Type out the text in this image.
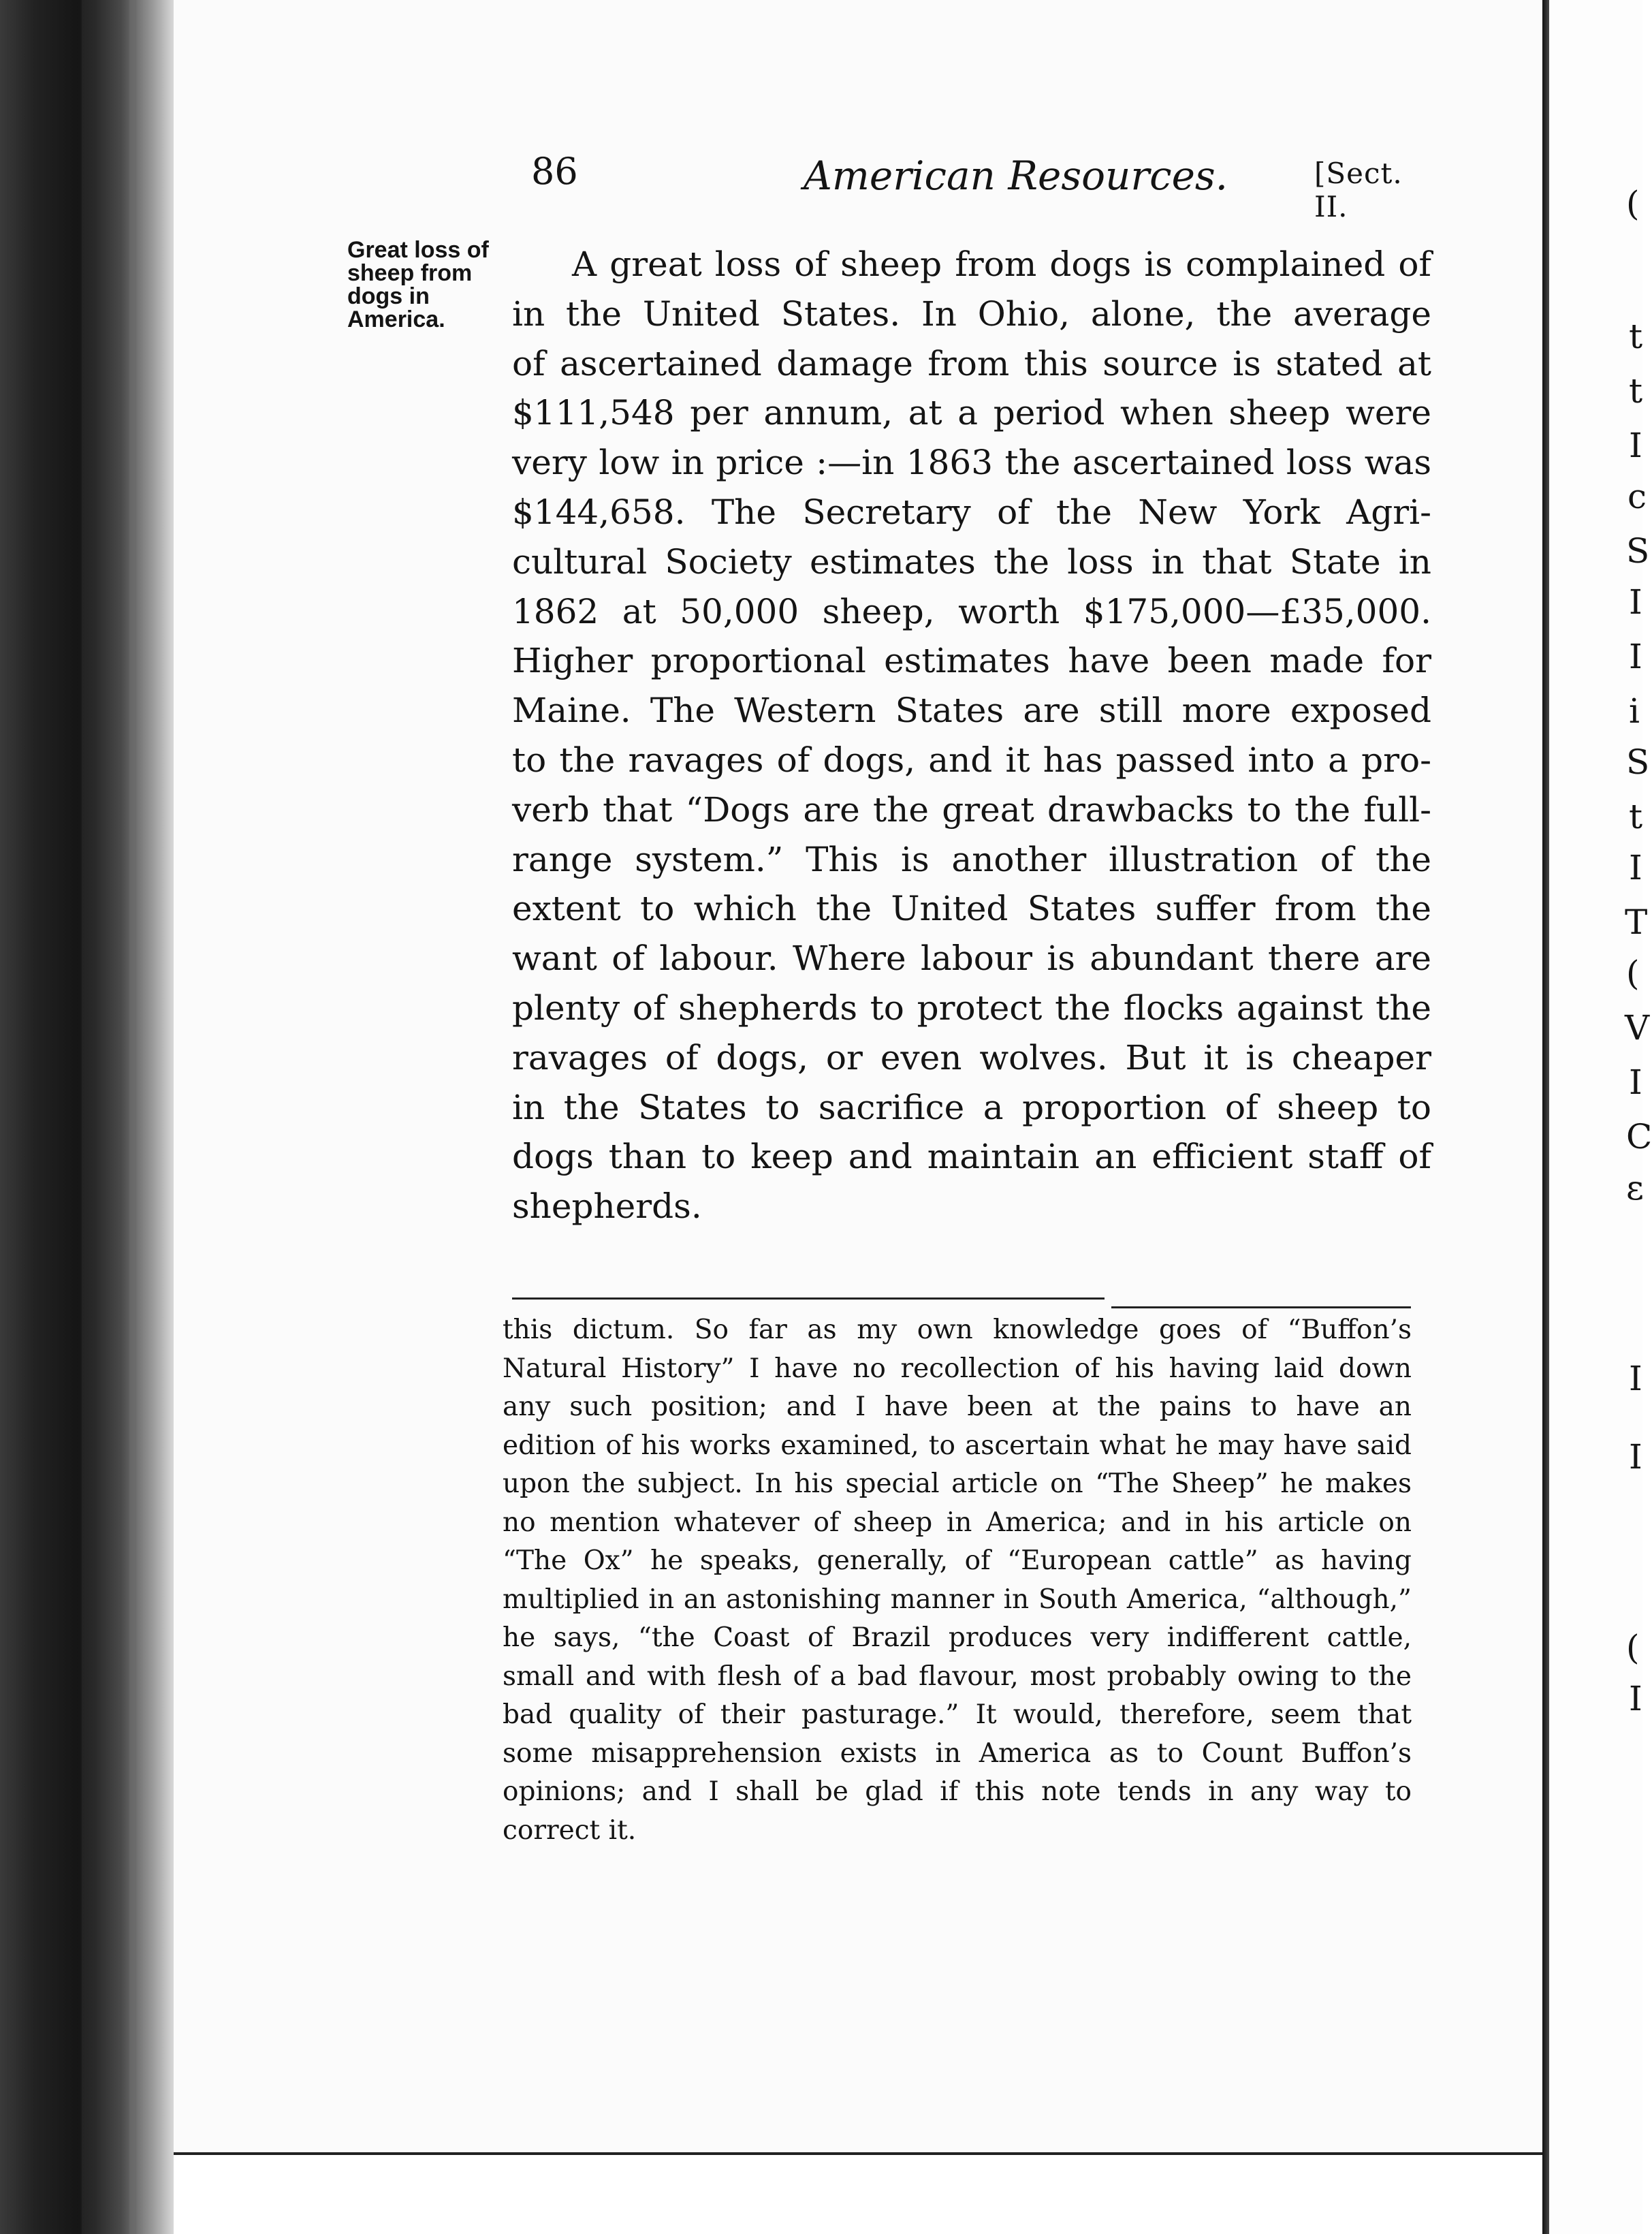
86	American Resources.	[Sect. II.
Great loss of
sheep from
dogs in
America.
A great loss of sheep from dogs is complained of
in the United States. In Ohio, alone, the average
of ascertained damage from this source is stated at
$111,548 per annum, at a period when sheep were
very low in price :—in 1863 the ascertained loss was
$144,658. The Secretary of the New York Agri-
cultural Society estimates the loss in that State in
1862 at 50,000 sheep, worth $175,000—£35,000.
Higher proportional estimates have been made for
Maine. The Western States are still more exposed
to the ravages of dogs, and it has passed into a pro-
verb that “Dogs are the great drawbacks to the full-
range system.” This is another illustration of the
extent to which the United States suffer from the
want of labour. Where labour is abundant there are
plenty of shepherds to protect the flocks against the
ravages of dogs, or even wolves. But it is cheaper
in the States to sacrifice a proportion of sheep to
dogs than to keep and maintain an efficient staff of
shepherds.
this dictum. So far as my own knowledge goes of “Buffon’s
Natural History” I have no recollection of his having laid down
any such position; and I have been at the pains to have an
edition of his works examined, to ascertain what he may have said
upon the subject. In his special article on “The Sheep” he makes
no mention whatever of sheep in America; and in his article on
“The Ox” he speaks, generally, of “European cattle” as having
multiplied in an astonishing manner in South America, “although,”
he says, “the Coast of Brazil produces very indifferent cattle,
small and with flesh of a bad flavour, most probably owing to the
bad quality of their pasturage.” It would, therefore, seem that
some misapprehension exists in America as to Count Buffon’s
opinions; and I shall be glad if this note tends in any way to
correct it.
(
t
t
I
c
S
I
I
i
S
t
I
T
(
V
I
C
ε
I
I
(
I
